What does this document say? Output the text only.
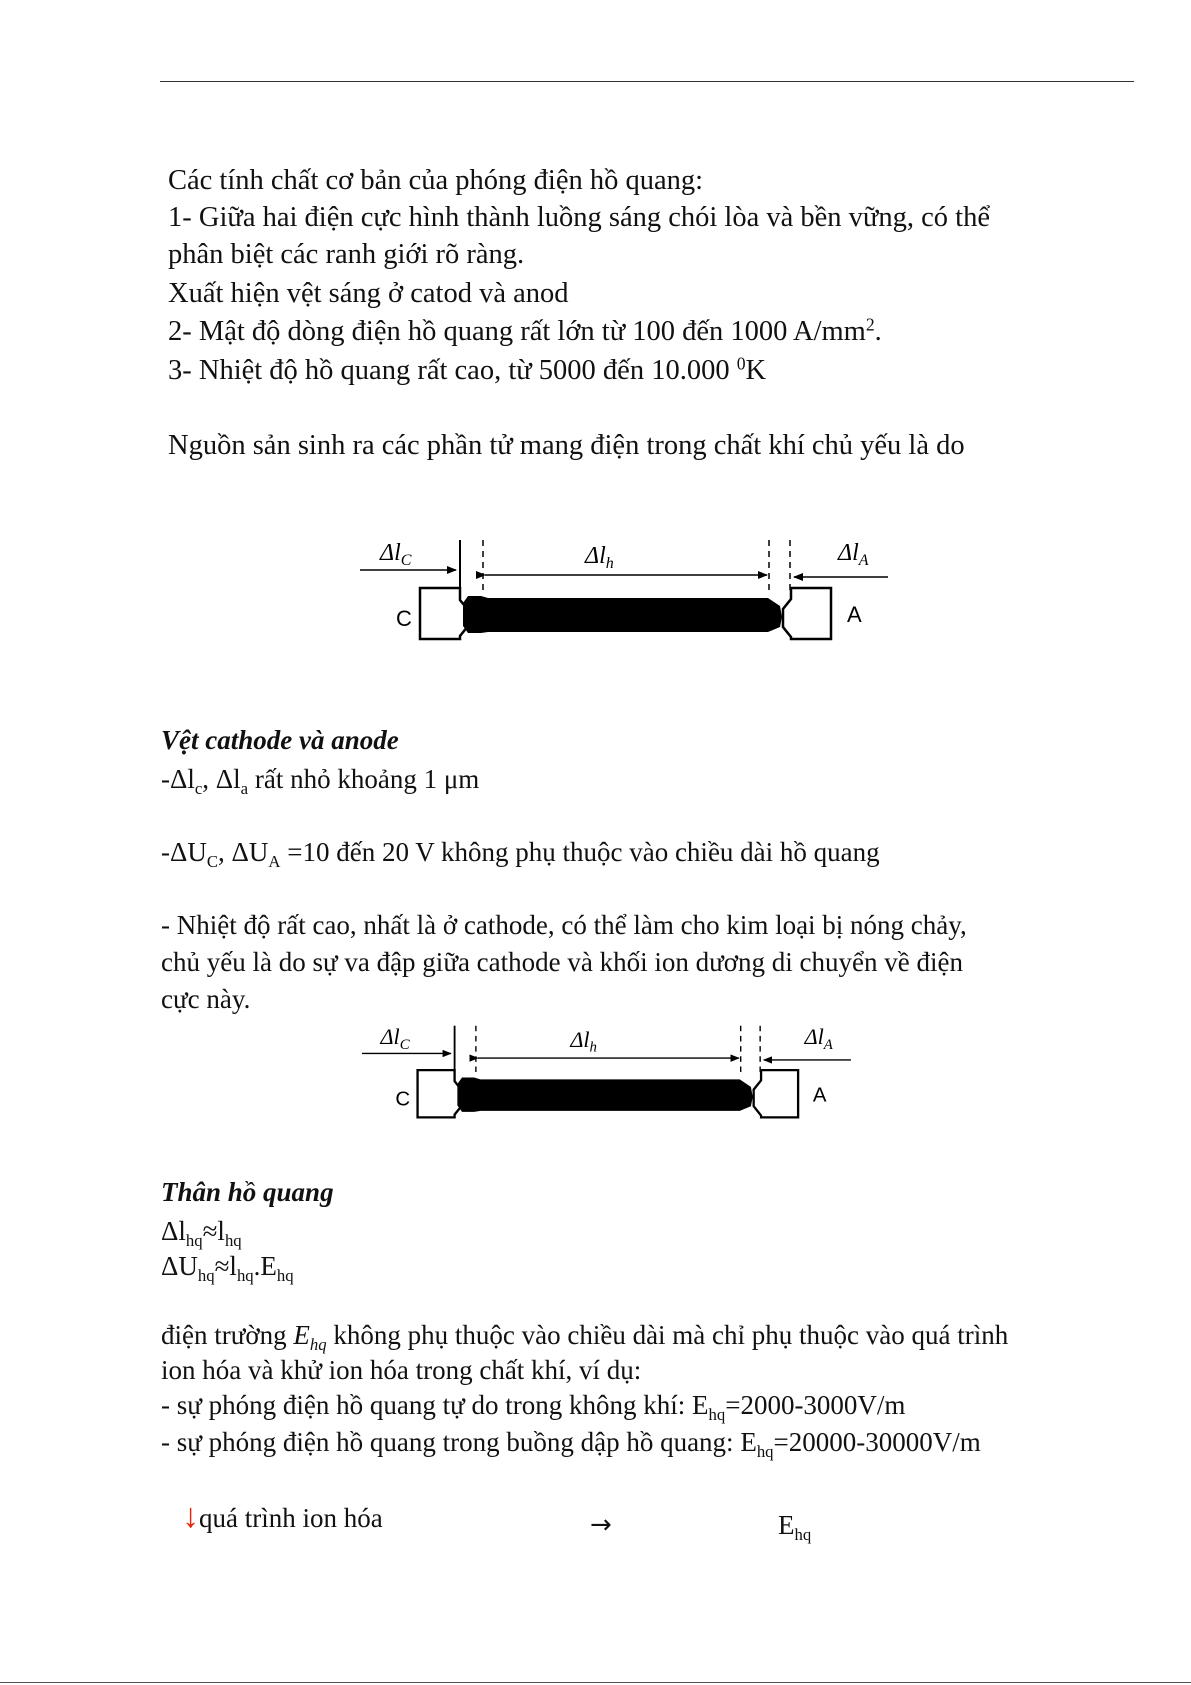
Các tính chất cơ bản của phóng điện hồ quang:
1- Giữa hai điện cực hình thành luồng sáng chói lòa và bền vững, có thể
phân biệt các ranh giới rõ ràng.
Xuất hiện vệt sáng ở catod và anod
2- Mật độ dòng điện hồ quang rất lớn từ 100 đến 1000 $A/mm^2$.
3- Nhiệt độ hồ quang rất cao, từ 5000 đến 10.000 $^0$K
Nguồn sản sinh ra các phần tử mang điện trong chất khí chủ yếu là do
$\Delta l_C$	$\Delta l_h$	$\Delta l_A$
C	A
Vệt cathode và anode
$-\Delta l_c$, $\Delta l_a$ rất nhỏ khoảng 1 μm
$-\Delta U_C$, $\Delta U_A =10$ đến 20 V không phụ thuộc vào chiều dài hồ quang
- Nhiệt độ rất cao, nhất là ở cathode, có thể làm cho kim loại bị nóng chảy,
chủ yếu là do sự va đập giữa cathode và khối ion dương di chuyển về điện
cực này.
$\Delta l_C$	$\Delta l_h$	$\Delta l_A$
C	A
Thân hồ quang
$\Delta l_{hq}\approx l_{hq}$
$\Delta U_{hq}\approx l_{hq}.E_{hq}$
điện trường $E_{hq}$ không phụ thuộc vào chiều dài mà chỉ phụ thuộc vào quá trình
ion hóa và khử ion hóa trong chất khí, ví dụ:
- sự phóng điện hồ quang tự do trong không khí: $E_{hq}=2000-3000V/m$
- sự phóng điện hồ quang trong buồng dập hồ quang: $E_{hq}=20000-30000V/m$
↓quá trình ion hóa	→	$E_{hq}$
